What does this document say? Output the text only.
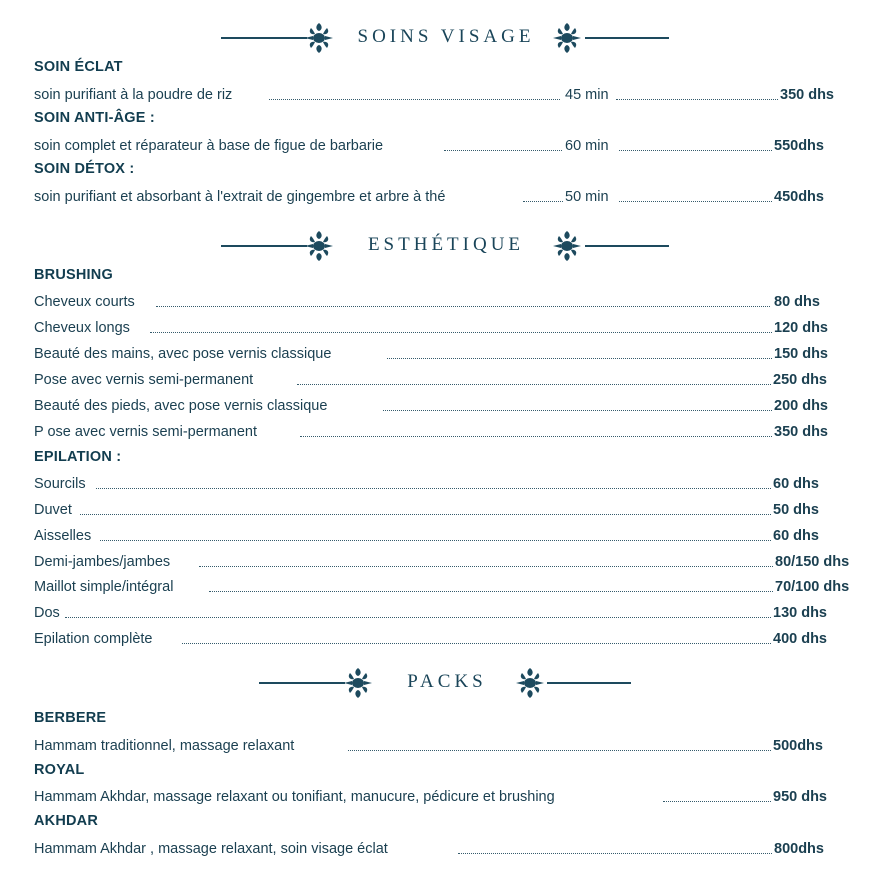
SOINS VISAGE
SOIN ÉCLAT
soin purifiant à la poudre de riz	45 min	350 dhs
SOIN ANTI-ÂGE :
soin complet et réparateur à base de figue de barbarie	60 min	550dhs
SOIN DÉTOX :
soin purifiant et absorbant à l'extrait de gingembre et arbre à thé	50 min	450dhs
ESTHÉTIQUE
BRUSHING
Cheveux courts	80 dhs
Cheveux longs	120 dhs
Beauté des mains, avec pose vernis classique	150 dhs
Pose avec vernis semi-permanent	250 dhs
Beauté des pieds, avec pose vernis classique	200 dhs
P ose avec vernis semi-permanent	350 dhs
EPILATION :
Sourcils	60 dhs
Duvet	50 dhs
Aisselles	60 dhs
Demi-jambes/jambes	80/150 dhs
Maillot simple/intégral	70/100 dhs
Dos	130 dhs
Epilation complète	400 dhs
PACKS
BERBERE
Hammam traditionnel, massage relaxant	500dhs
ROYAL
Hammam Akhdar, massage relaxant ou tonifiant, manucure, pédicure et brushing	950 dhs
AKHDAR
Hammam Akhdar , massage relaxant, soin visage éclat	800dhs
